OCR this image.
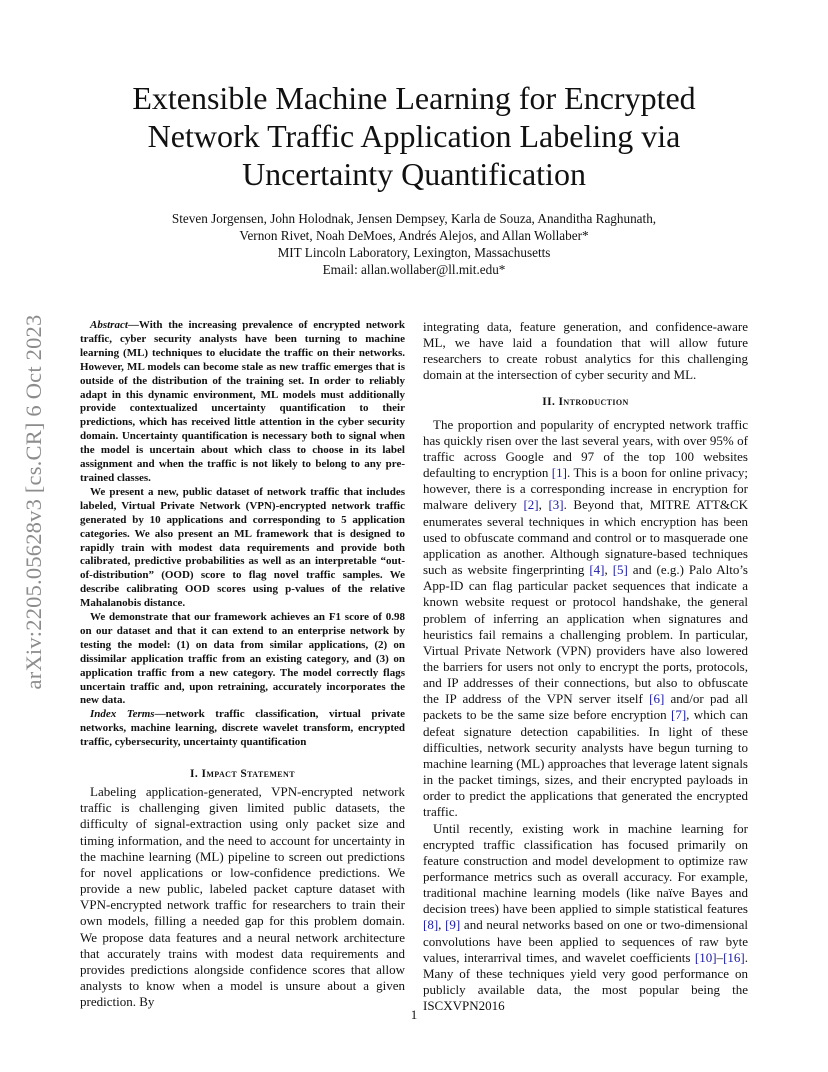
arXiv:2205.05628v3 [cs.CR] 6 Oct 2023
Extensible Machine Learning for Encrypted
Network Traffic Application Labeling via
Uncertainty Quantification
Steven Jorgensen, John Holodnak, Jensen Dempsey, Karla de Souza, Ananditha Raghunath,
Vernon Rivet, Noah DeMoes, Andrés Alejos, and Allan Wollaber*
MIT Lincoln Laboratory, Lexington, Massachusetts
Email: allan.wollaber@ll.mit.edu*

Abstract—With the increasing prevalence of encrypted network traffic, cyber security analysts have been turning to machine learning (ML) techniques to elucidate the traffic on their networks. However, ML models can become stale as new traffic emerges that is outside of the distribution of the training set. In order to reliably adapt in this dynamic environment, ML models must additionally provide contextualized uncertainty quantification to their predictions, which has received little attention in the cyber security domain. Uncertainty quantification is necessary both to signal when the model is uncertain about which class to choose in its label assignment and when the traffic is not likely to belong to any pre-trained classes.

We present a new, public dataset of network traffic that includes labeled, Virtual Private Network (VPN)-encrypted network traffic generated by 10 applications and corresponding to 5 application categories. We also present an ML framework that is designed to rapidly train with modest data requirements and provide both calibrated, predictive probabilities as well as an interpretable “out-of-distribution” (OOD) score to flag novel traffic samples. We describe calibrating OOD scores using p-values of the relative Mahalanobis distance.

We demonstrate that our framework achieves an F1 score of 0.98 on our dataset and that it can extend to an enterprise network by testing the model: (1) on data from similar applications, (2) on dissimilar application traffic from an existing category, and (3) on application traffic from a new category. The model correctly flags uncertain traffic and, upon retraining, accurately incorporates the new data.

Index Terms—network traffic classification, virtual private networks, machine learning, discrete wavelet transform, encrypted traffic, cybersecurity, uncertainty quantification

I. Impact Statement

Labeling application-generated, VPN-encrypted network traffic is challenging given limited public datasets, the difficulty of signal-extraction using only packet size and timing information, and the need to account for uncertainty in the machine learning (ML) pipeline to screen out predictions for novel applications or low-confidence predictions. We provide a new public, labeled packet capture dataset with VPN-encrypted network traffic for researchers to train their own models, filling a needed gap for this problem domain. We propose data features and a neural network architecture that accurately trains with modest data requirements and provides predictions alongside confidence scores that allow analysts to know when a model is unsure about a given prediction. By

integrating data, feature generation, and confidence-aware ML, we have laid a foundation that will allow future researchers to create robust analytics for this challenging domain at the intersection of cyber security and ML.

II. Introduction

The proportion and popularity of encrypted network traffic has quickly risen over the last several years, with over 95% of traffic across Google and 97 of the top 100 websites defaulting to encryption [1]. This is a boon for online privacy; however, there is a corresponding increase in encryption for malware delivery [2], [3]. Beyond that, MITRE ATT&CK enumerates several techniques in which encryption has been used to obfuscate command and control or to masquerade one application as another. Although signature-based techniques such as website fingerprinting [4], [5] and (e.g.) Palo Alto’s App-ID can flag particular packet sequences that indicate a known website request or protocol handshake, the general problem of inferring an application when signatures and heuristics fail remains a challenging problem. In particular, Virtual Private Network (VPN) providers have also lowered the barriers for users not only to encrypt the ports, protocols, and IP addresses of their connections, but also to obfuscate the IP address of the VPN server itself [6] and/or pad all packets to be the same size before encryption [7], which can defeat signature detection capabilities. In light of these difficulties, network security analysts have begun turning to machine learning (ML) approaches that leverage latent signals in the packet timings, sizes, and their encrypted payloads in order to predict the applications that generated the encrypted traffic.

Until recently, existing work in machine learning for encrypted traffic classification has focused primarily on feature construction and model development to optimize raw performance metrics such as overall accuracy. For example, traditional machine learning models (like naïve Bayes and decision trees) have been applied to simple statistical features [8], [9] and neural networks based on one or two-dimensional convolutions have been applied to sequences of raw byte values, interarrival times, and wavelet coefficients [10]–[16]. Many of these techniques yield very good performance on publicly available data, the most popular being the ISCXVPN2016

1
